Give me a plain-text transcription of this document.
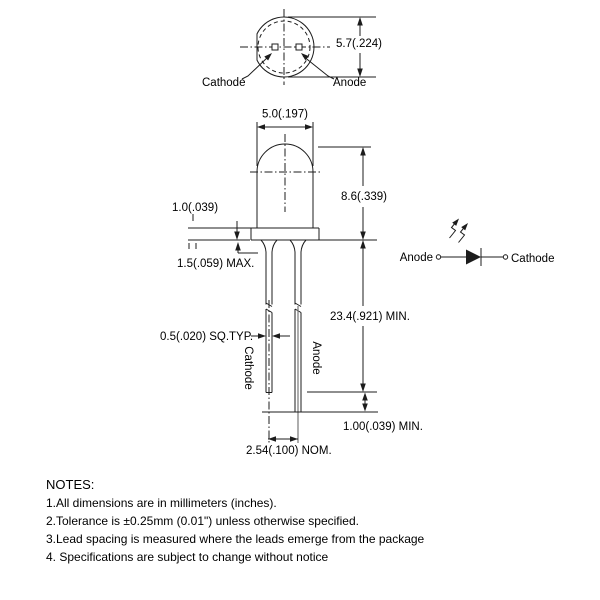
5.7(.224)
Cathode	Anode
5.0(.197)
8.6(.339)
1.0(.039)
1.5(.059) MAX.
23.4(.921) MIN.
0.5(.020) SQ.TYP.
1.00(.039) MIN.
2.54(.100) NOM.
Cathode	Anode
Anode	Cathode
NOTES:
1.All dimensions are in millimeters (inches).
2.Tolerance is ±0.25mm (0.01") unless otherwise specified.
3.Lead spacing is measured where the leads emerge from the package
4. Specifications are subject to change without notice
